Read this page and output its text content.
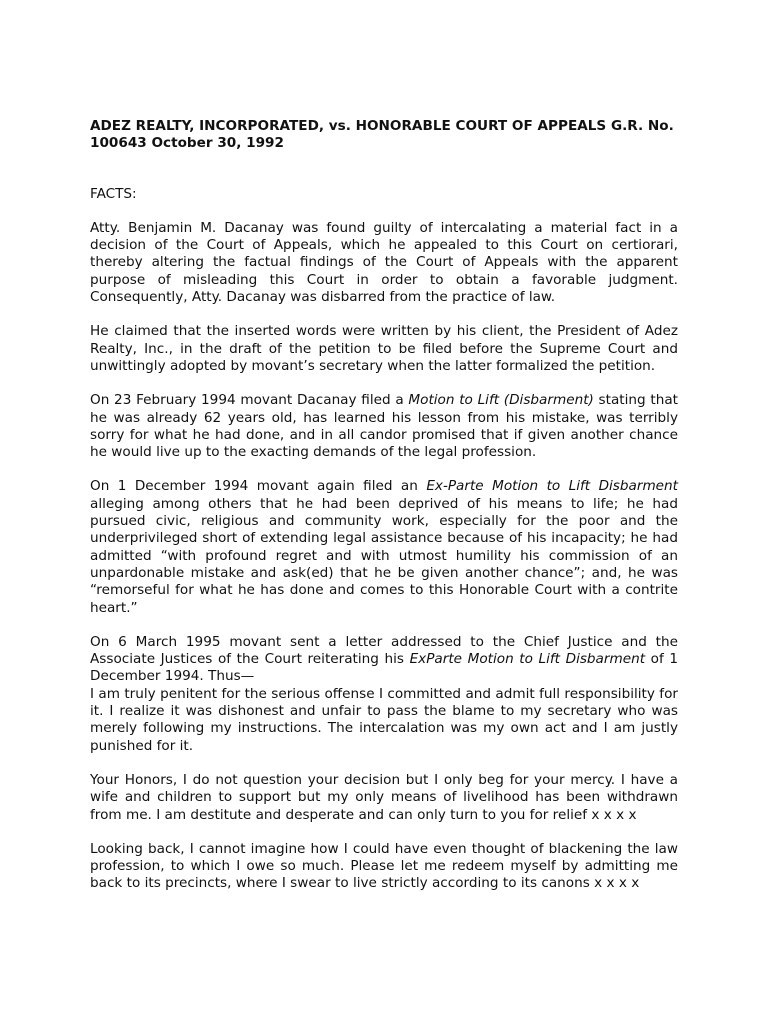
ADEZ REALTY, INCORPORATED, vs. HONORABLE COURT OF APPEALS G.R. No. 100643 October 30, 1992
FACTS:
Atty. Benjamin M. Dacanay was found guilty of intercalating a material fact in a decision of the Court of Appeals, which he appealed to this Court on certiorari, thereby altering the factual findings of the Court of Appeals with the apparent purpose of misleading this Court in order to obtain a favorable judgment. Consequently, Atty. Dacanay was disbarred from the practice of law.
He claimed that the inserted words were written by his client, the President of Adez Realty, Inc., in the draft of the petition to be filed before the Supreme Court and unwittingly adopted by movant’s secretary when the latter formalized the petition.
On 23 February 1994 movant Dacanay filed a Motion to Lift (Disbarment) stating that he was already 62 years old, has learned his lesson from his mistake, was terribly sorry for what he had done, and in all candor promised that if given another chance he would live up to the exacting demands of the legal profession.
On 1 December 1994 movant again filed an Ex-Parte Motion to Lift Disbarment alleging among others that he had been deprived of his means to life; he had pursued civic, religious and community work, especially for the poor and the underprivileged short of extending legal assistance because of his incapacity; he had admitted “with profound regret and with utmost humility his commission of an unpardonable mistake and ask(ed) that he be given another chance”; and, he was “remorseful for what he has done and comes to this Honorable Court with a contrite heart.”
On 6 March 1995 movant sent a letter addressed to the Chief Justice and the Associate Justices of the Court reiterating his ExParte Motion to Lift Disbarment of 1 December 1994. Thus—
I am truly penitent for the serious offense I committed and admit full responsibility for it. I realize it was dishonest and unfair to pass the blame to my secretary who was merely following my instructions. The intercalation was my own act and I am justly punished for it.
Your Honors, I do not question your decision but I only beg for your mercy. I have a wife and children to support but my only means of livelihood has been withdrawn from me. I am destitute and desperate and can only turn to you for relief x x x x
Looking back, I cannot imagine how I could have even thought of blackening the law profession, to which I owe so much. Please let me redeem myself by admitting me back to its precincts, where I swear to live strictly according to its canons x x x x
